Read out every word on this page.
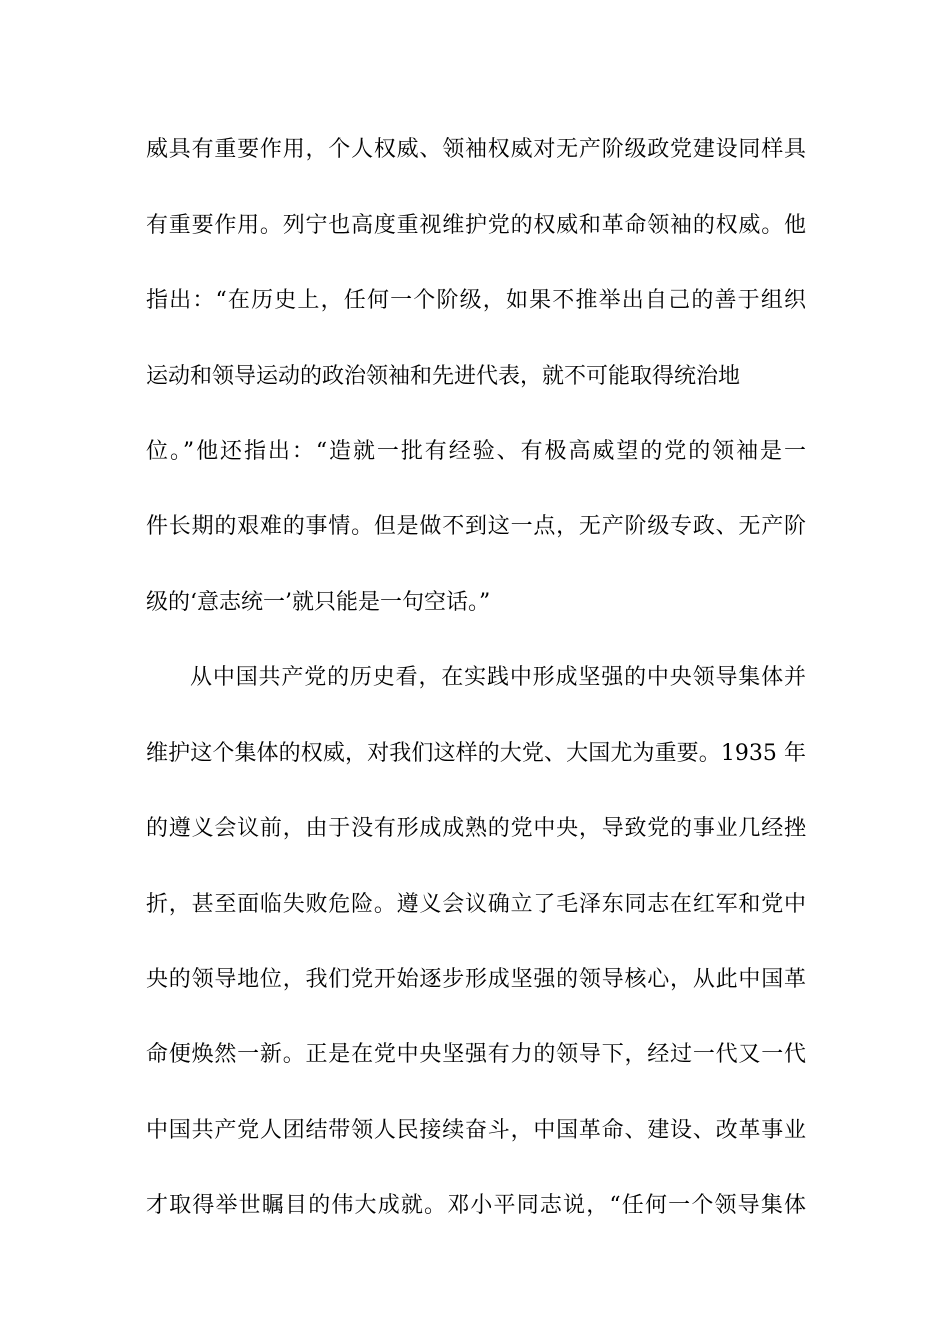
威具有重要作用，个人权威、领袖权威对无产阶级政党建设同样具
有重要作用。列宁也高度重视维护党的权威和革命领袖的权威。他
指出：“在历史上，任何一个阶级，如果不推举出自己的善于组织
运动和领导运动的政治领袖和先进代表，就不可能取得统治地
位。”他还指出：“造就一批有经验、有极高威望的党的领袖是一
件长期的艰难的事情。但是做不到这一点，无产阶级专政、无产阶
级的‘意志统一’就只能是一句空话。”
从中国共产党的历史看，在实践中形成坚强的中央领导集体并
维护这个集体的权威，对我们这样的大党、大国尤为重要。1935 年
的遵义会议前，由于没有形成成熟的党中央，导致党的事业几经挫
折，甚至面临失败危险。遵义会议确立了毛泽东同志在红军和党中
央的领导地位，我们党开始逐步形成坚强的领导核心，从此中国革
命便焕然一新。正是在党中央坚强有力的领导下，经过一代又一代
中国共产党人团结带领人民接续奋斗，中国革命、建设、改革事业
才取得举世瞩目的伟大成就。邓小平同志说，“任何一个领导集体
